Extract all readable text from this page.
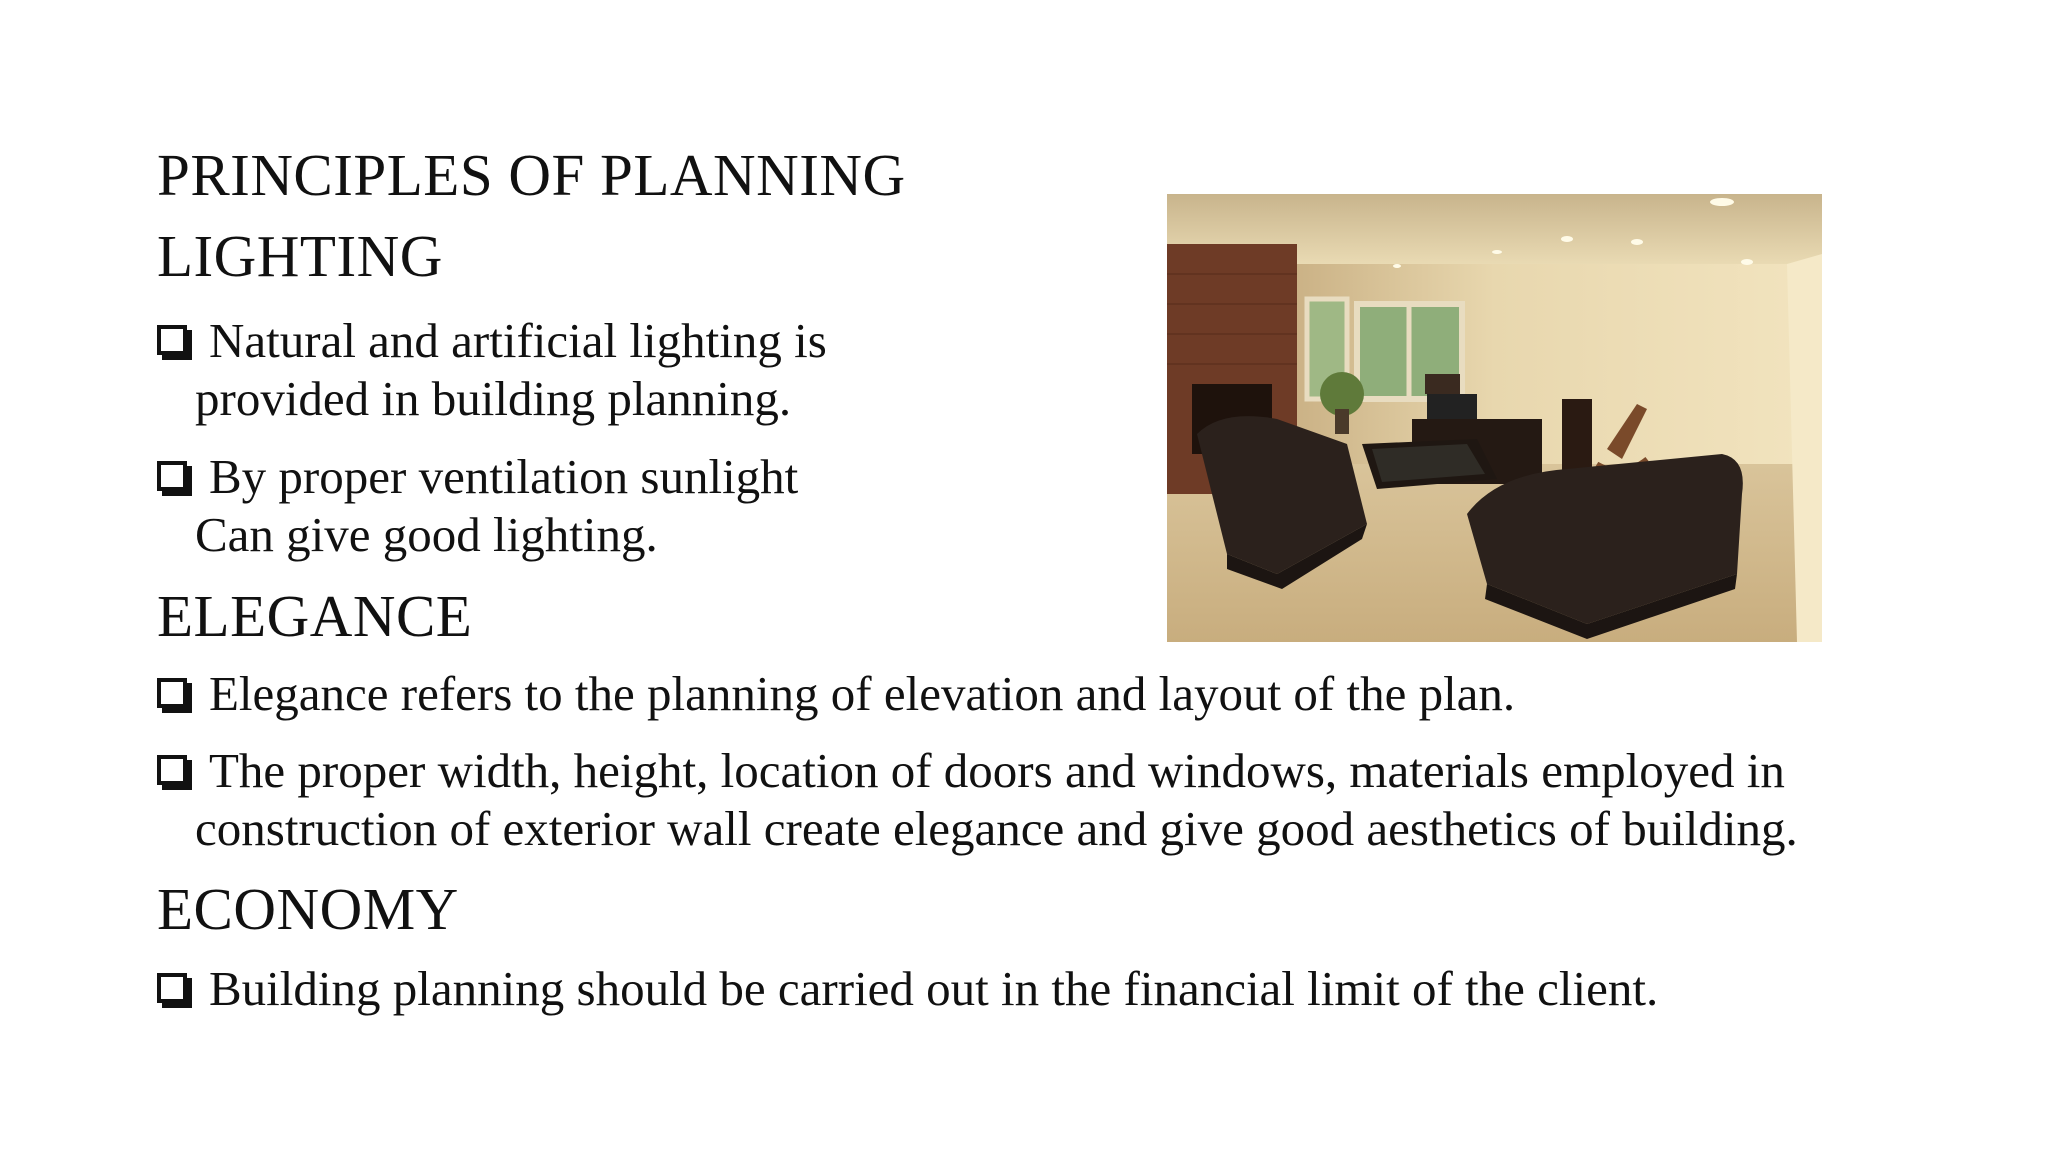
PRINCIPLES OF PLANNING
LIGHTING
Natural and artificial lighting is
provided in building planning.
By proper ventilation sunlight
Can give good lighting.
ELEGANCE
Elegance refers to the planning of elevation and layout of the plan.
The proper width, height, location of doors and windows, materials employed in
construction of exterior wall create elegance and give good aesthetics of building.
ECONOMY
Building planning should be carried out in the financial limit of the client.
